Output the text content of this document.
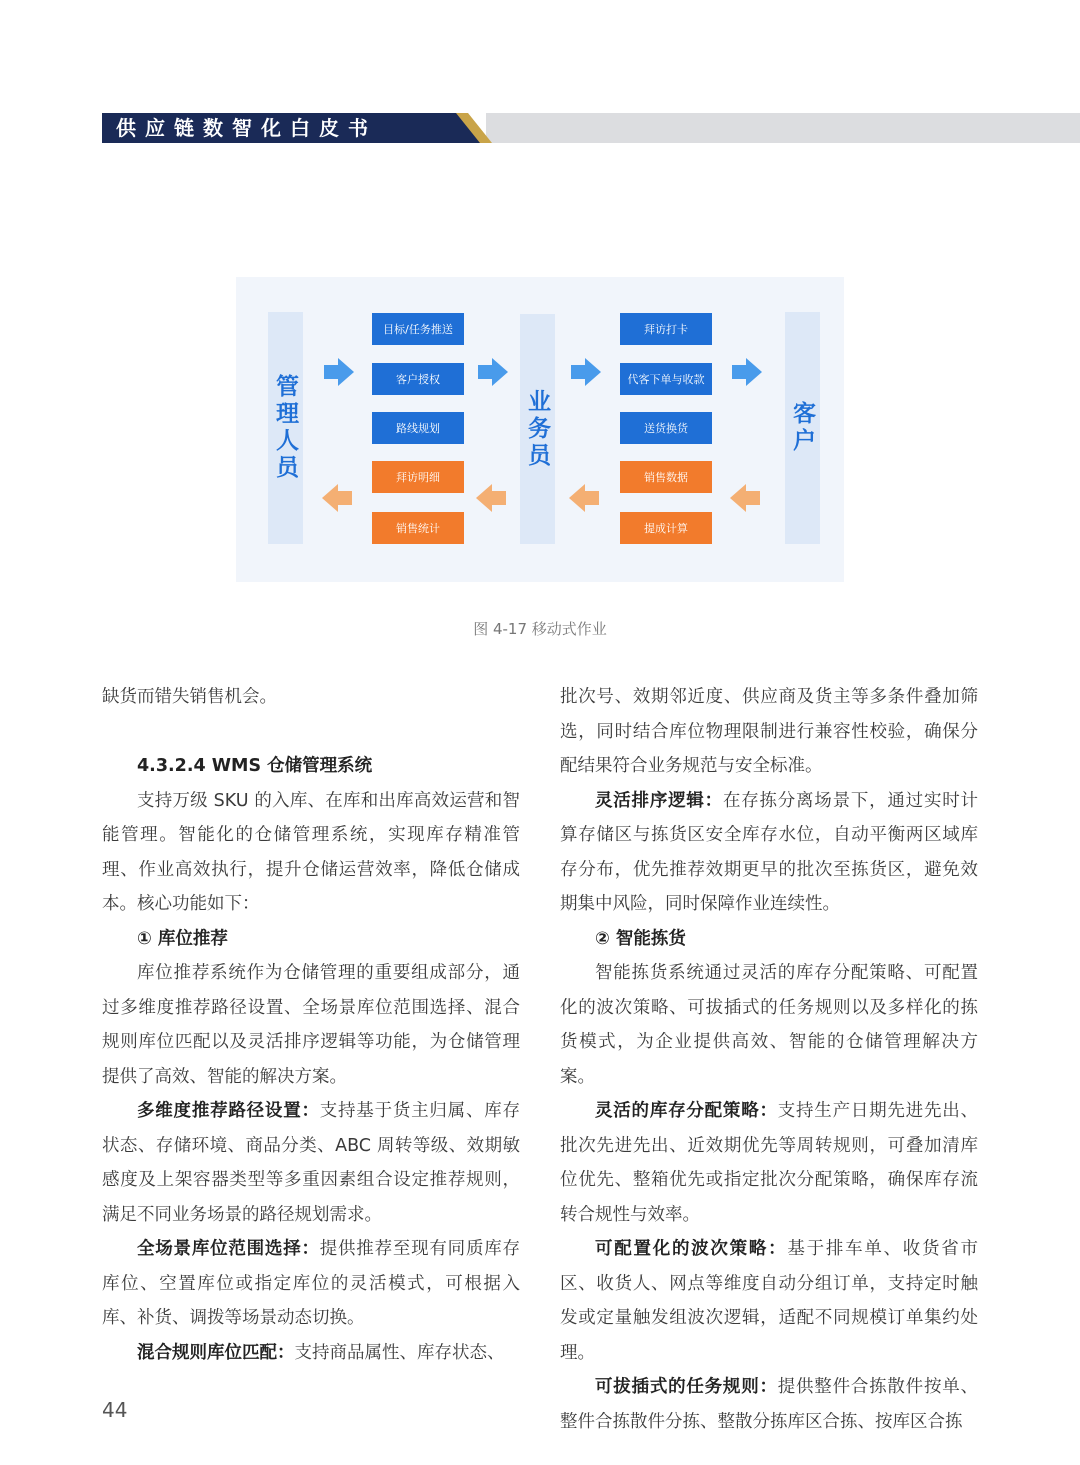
供应链数智化白皮书
管理人员	业务员	客户
目标/任务推送
客户授权
路线规划
拜访明细
销售统计
拜访打卡
代客下单与收款
送货换货
销售数据
提成计算
图 4-17 移动式作业

缺货而错失销售机会。

4.3.2.4 WMS 仓储管理系统

支持万级 SKU 的入库、在库和出库高效运营和智能管理。智能化的仓储管理系统，实现库存精准管理、作业高效执行，提升仓储运营效率，降低仓储成本。核心功能如下：

① 库位推荐

库位推荐系统作为仓储管理的重要组成部分，通过多维度推荐路径设置、全场景库位范围选择、混合规则库位匹配以及灵活排序逻辑等功能，为仓储管理提供了高效、智能的解决方案。

多维度推荐路径设置：支持基于货主归属、库存状态、存储环境、商品分类、ABC 周转等级、效期敏感度及上架容器类型等多重因素组合设定推荐规则，满足不同业务场景的路径规划需求。

全场景库位范围选择：提供推荐至现有同质库存库位、空置库位或指定库位的灵活模式，可根据入库、补货、调拨等场景动态切换。

混合规则库位匹配：支持商品属性、库存状态、

批次号、效期邻近度、供应商及货主等多条件叠加筛选，同时结合库位物理限制进行兼容性校验，确保分配结果符合业务规范与安全标准。

灵活排序逻辑：在存拣分离场景下，通过实时计算存储区与拣货区安全库存水位，自动平衡两区域库存分布，优先推荐效期更早的批次至拣货区，避免效期集中风险，同时保障作业连续性。

② 智能拣货

智能拣货系统通过灵活的库存分配策略、可配置化的波次策略、可拔插式的任务规则以及多样化的拣货模式，为企业提供高效、智能的仓储管理解决方案。

灵活的库存分配策略：支持生产日期先进先出、批次先进先出、近效期优先等周转规则，可叠加清库位优先、整箱优先或指定批次分配策略，确保库存流转合规性与效率。

可配置化的波次策略：基于排车单、收货省市区、收货人、网点等维度自动分组订单，支持定时触发或定量触发组波次逻辑，适配不同规模订单集约处理。

可拔插式的任务规则：提供整件合拣散件按单、整件合拣散件分拣、整散分拣库区合拣、按库区合拣

44
